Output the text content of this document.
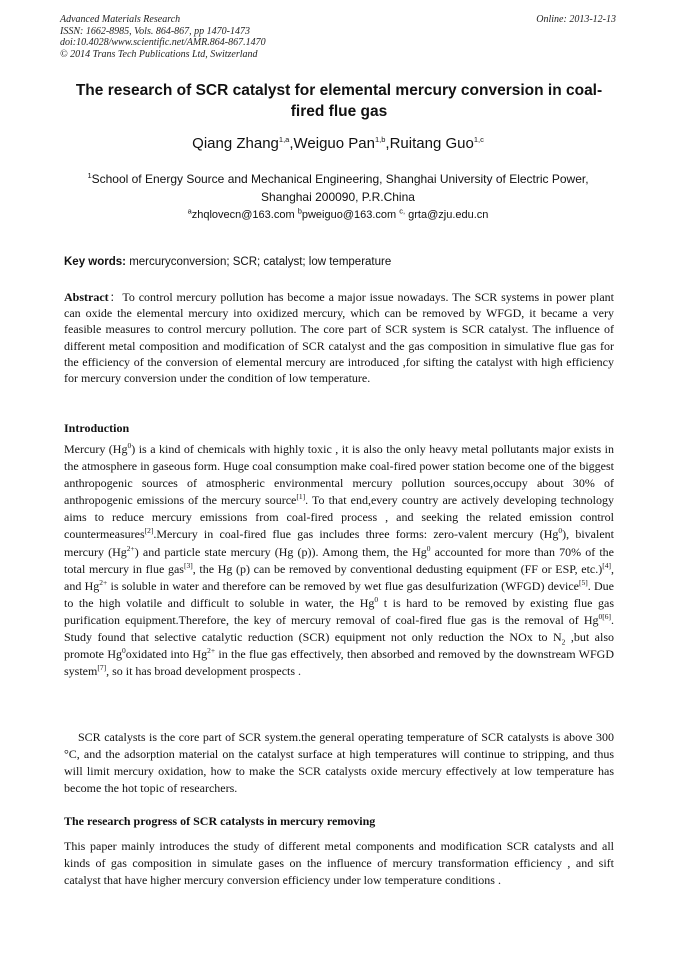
Advanced Materials Research
ISSN: 1662-8985, Vols. 864-867, pp 1470-1473
doi:10.4028/www.scientific.net/AMR.864-867.1470
© 2014 Trans Tech Publications Ltd, Switzerland
Online: 2013-12-13
The research of SCR catalyst for elemental mercury conversion in coal-fired flue gas
Qiang Zhang$^{1,a}$,Weiguo Pan$^{1,b}$,Ruitang Guo$^{1,c}$
$^1$School of Energy Source and Mechanical Engineering, Shanghai University of Electric Power, Shanghai 200090, P.R.China
$^a$zhqlovecn@163.com $^b$pweiguo@163.com $^{c,}$ grta@zju.edu.cn
Key words: mercuryconversion; SCR; catalyst; low temperature
Abstract：To control mercury pollution has become a major issue nowadays. The SCR systems in power plant can oxide the elemental mercury into oxidized mercury, which can be removed by WFGD, it became a very feasible measures to control mercury pollution. The core part of SCR system is SCR catalyst. The influence of different metal composition and modification of SCR catalyst and the gas composition in simulative flue gas for the efficiency of the conversion of elemental mercury are introduced ,for sifting the catalyst with high efficiency for mercury conversion under the condition of low temperature.
Introduction
Mercury (Hg$^0$) is a kind of chemicals with highly toxic , it is also the only heavy metal pollutants major exists in the atmosphere in gaseous form. Huge coal consumption make coal-fired power station become one of the biggest anthropogenic sources of atmospheric environmental mercury pollution sources,occupy about 30% of anthropogenic emissions of the mercury source[1]. To that end,every country are actively developing technology aims to reduce mercury emissions from coal-fired process , and seeking the related emission control countermeasures[2].Mercury in coal-fired flue gas includes three forms: zero-valent mercury (Hg$^0$), bivalent mercury $(Hg^{2+})$ and particle state mercury (Hg (p)). Among them, the Hg$^0$ accounted for more than 70% of the total mercury in flue gas[3], the Hg (p) can be removed by conventional dedusting equipment (FF or ESP, etc.)[4], and $Hg^{2+}$ is soluble in water and therefore can be removed by wet flue gas desulfurization (WFGD) device[5]. Due to the high volatile and difficult to soluble in water, the Hg$^0$ t is hard to be removed by existing flue gas purification equipment.Therefore, the key of mercury removal of coal-fired flue gas is the removal of $Hg^{0[6]}$. Study found that selective catalytic reduction (SCR) equipment not only reduction the NOx to $N_2$ ,but also promote Hg$^0$oxidated into $Hg^{2+}$ in the flue gas effectively, then absorbed and removed by the downstream WFGD system[7], so it has broad development prospects .
SCR catalysts is the core part of SCR system.the general operating temperature of SCR catalysts is above 300 °C, and the adsorption material on the catalyst surface at high temperatures will continue to stripping, and thus will limit mercury oxidation, how to make the SCR catalysts oxide mercury effectively at low temperature has become the hot topic of researchers.
The research progress of SCR catalysts in mercury removing
This paper mainly introduces the study of different metal components and modification SCR catalysts and all kinds of gas composition in simulate gases on the influence of mercury transformation efficiency , and sift catalyst that have higher mercury conversion efficiency under low temperature conditions .
